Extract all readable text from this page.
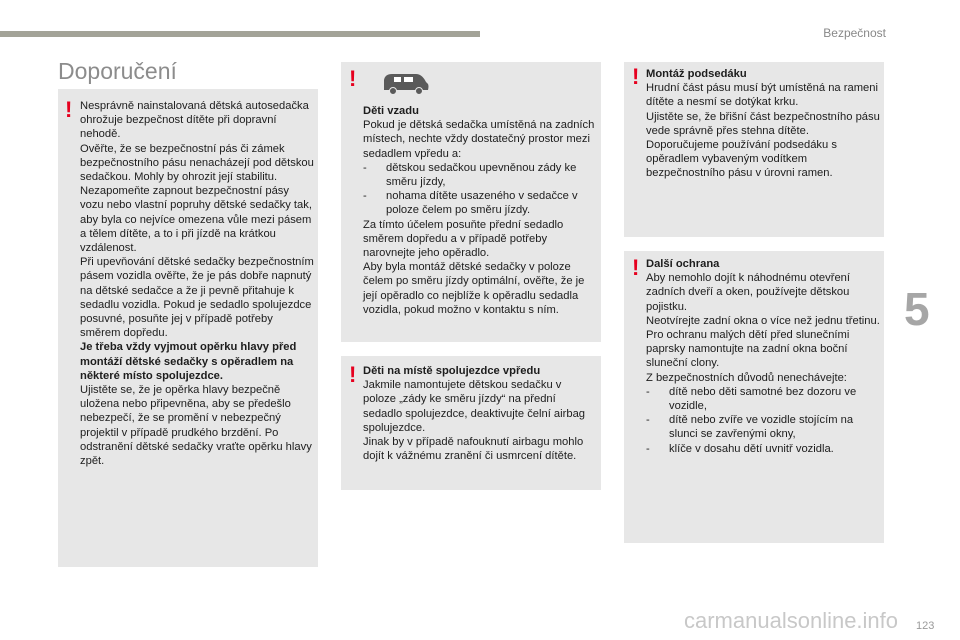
Bezpečnost
Doporučení
! Nesprávně nainstalovaná dětská autosedačka ohrožuje bezpečnost dítěte při dopravní nehodě.

Ověřte, že se bezpečnostní pás či zámek bezpečnostního pásu nenacházejí pod dětskou sedačkou. Mohly by ohrozit její stabilitu.

Nezapomeňte zapnout bezpečnostní pásy vozu nebo vlastní popruhy dětské sedačky tak, aby byla co nejvíce omezena vůle mezi pásem a tělem dítěte, a to i při jízdě na krátkou vzdálenost.

Při upevňování dětské sedačky bezpečnostním pásem vozidla ověřte, že je pás dobře napnutý na dětské sedačce a že ji pevně přitahuje k sedadlu vozidla. Pokud je sedadlo spolujezdce posuvné, posuňte jej v případě potřeby směrem dopředu.

Je třeba vždy vyjmout opěrku hlavy před montáží dětské sedačky s opěradlem na některé místo spolujezdce.

Ujistěte se, že je opěrka hlavy bezpečně uložena nebo připevněna, aby se předešlo nebezpečí, že se promění v nebezpečný projektil v případě prudkého brzdění. Po odstranění dětské sedačky vraťte opěrku hlavy zpět.

!

Děti vzadu

Pokud je dětská sedačka umístěná na zadních místech, nechte vždy dostatečný prostor mezi sedadlem vpředu a:

- dětskou sedačkou upevněnou zády ke směru jízdy,
- nohama dítěte usazeného v sedačce v poloze čelem po směru jízdy.

Za tímto účelem posuňte přední sedadlo směrem dopředu a v případě potřeby narovnejte jeho opěradlo.

Aby byla montáž dětské sedačky v poloze čelem po směru jízdy optimální, ověřte, že je její opěradlo co nejblíže k opěradlu sedadla vozidla, pokud možno v kontaktu s ním.

! Děti na místě spolujezdce vpředu

Jakmile namontujete dětskou sedačku v poloze „zády ke směru jízdy“ na přední sedadlo spolujezdce, deaktivujte čelní airbag spolujezdce.

Jinak by v případě nafouknutí airbagu mohlo dojít k vážnému zranění či usmrcení dítěte.

! Montáž podsedáku

Hrudní část pásu musí být umístěná na rameni dítěte a nesmí se dotýkat krku.

Ujistěte se, že břišní část bezpečnostního pásu vede správně přes stehna dítěte.

Doporučujeme používání podsedáku s opěradlem vybaveným vodítkem bezpečnostního pásu v úrovni ramen.

! Další ochrana

Aby nemohlo dojít k náhodnému otevření zadních dveří a oken, používejte dětskou pojistku.

Neotvírejte zadní okna o více než jednu třetinu.

Pro ochranu malých dětí před slunečními paprsky namontujte na zadní okna boční sluneční clony.

Z bezpečnostních důvodů nenechávejte:

- dítě nebo děti samotné bez dozoru ve vozidle,
- dítě nebo zvíře ve vozidle stojícím na slunci se zavřenými okny,
- klíče v dosahu dětí uvnitř vozidla.
5
carmanualsonline.info 123
